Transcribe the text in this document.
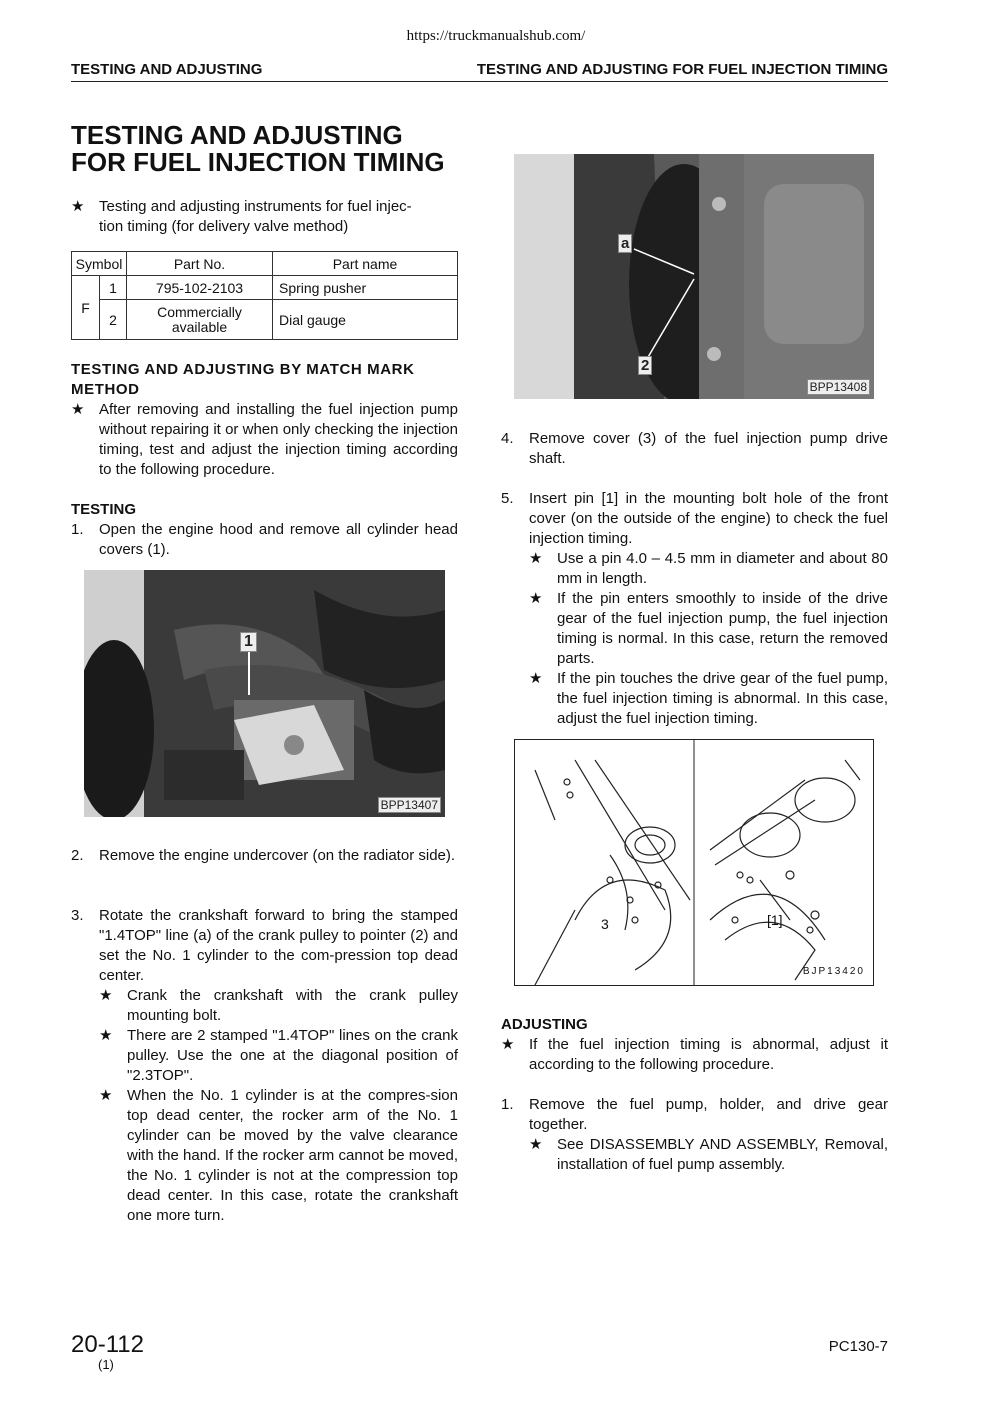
https://truckmanualshub.com/
TESTING AND ADJUSTING	TESTING AND ADJUSTING FOR FUEL INJECTION TIMING
TESTING AND ADJUSTING
FOR FUEL INJECTION TIMING
★ Testing and adjusting instruments for fuel injec-
tion timing (for delivery valve method)
Symbol		Part No.	Part name
F	1	795-102-2103	Spring pusher
	2	Commercially
available	Dial gauge
TESTING AND ADJUSTING BY MATCH MARK
METHOD
★ After removing and installing the fuel injection pump without repairing it or when only checking the injection timing, test and adjust the injection timing according to the following procedure.
TESTING
1. Open the engine hood and remove all cylinder head covers (1).
1
BPP13407
2. Remove the engine undercover (on the radiator side).
3. Rotate the crankshaft forward to bring the stamped "1.4TOP" line (a) of the crank pulley to pointer (2) and set the No. 1 cylinder to the com-pression top dead center.
★ Crank the crankshaft with the crank pulley mounting bolt.
★ There are 2 stamped "1.4TOP" lines on the crank pulley. Use the one at the diagonal position of "2.3TOP".
★ When the No. 1 cylinder is at the compres-sion top dead center, the rocker arm of the No. 1 cylinder can be moved by the valve clearance with the hand. If the rocker arm cannot be moved, the No. 1 cylinder is not at the compression top dead center. In this case, rotate the crankshaft one more turn.
a
2
BPP13408
4. Remove cover (3) of the fuel injection pump drive shaft.
5. Insert pin [1] in the mounting bolt hole of the front cover (on the outside of the engine) to check the fuel injection timing.
★ Use a pin 4.0 – 4.5 mm in diameter and about 80 mm in length.
★ If the pin enters smoothly to inside of the drive gear of the fuel injection pump, the fuel injection timing is normal. In this case, return the removed parts.
★ If the pin touches the drive gear of the fuel pump, the fuel injection timing is abnormal. In this case, adjust the fuel injection timing.
3	[1]
BJP13420
ADJUSTING
★ If the fuel injection timing is abnormal, adjust it according to the following procedure.
1. Remove the fuel pump, holder, and drive gear together.
★ See DISASSEMBLY AND ASSEMBLY, Removal, installation of fuel pump assembly.
20-112
(1)
PC130-7
